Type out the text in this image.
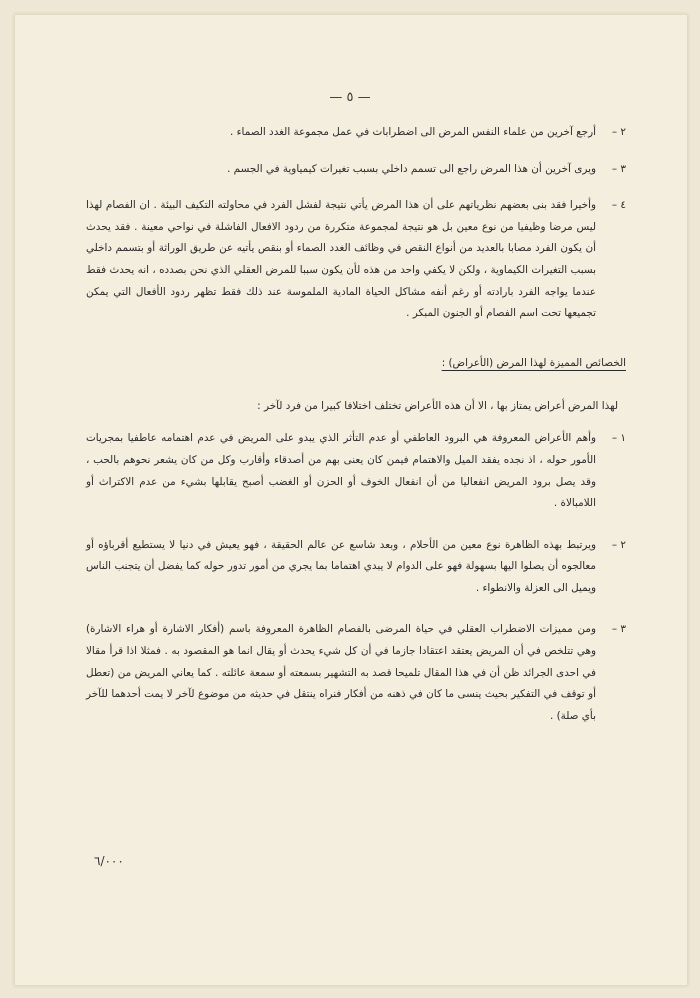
— ٥ —

٢ –
أرجع آخرين من علماء النفس المرض الى اضطرابات في عمل مجموعة الغدد الصماء .

٣ –
ويرى آخرين أن هذا المرض راجع الى تسمم داخلي بسبب تغيرات كيمياوية في الجسم .

٤ –
وأخيرا فقد بنى بعضهم نظرياتهم على أن هذا المرض يأتي نتيجة لفشل الفرد في محاولته التكيف البيئة . ان الفصام لهذا ليس مرضا وظيفيا من نوع معين بل هو نتيجة لمجموعة متكررة من ردود الافعال الفاشلة في نواحي معينة . فقد يحدث أن يكون الفرد مصابا بالعديد من أنواع النقص في وظائف الغدد الصماء أو بنقص يأتيه عن طريق الوراثة أو بتسمم داخلي بسبب التغيرات الكيماوية ، ولكن لا يكفي واحد من هذه لأن يكون سببا للمرض العقلي الذي نحن بصدده ، انه يحدث فقط عندما يواجه الفرد بارادته أو رغم أنفه مشاكل الحياة المادية الملموسة عند ذلك فقط تظهر ردود الأفعال التي يمكن تجميعها تحت اسم الفصام أو الجنون المبكر .

الخصائص المميزة لهذا المرض (الأعراض) :

لهذا المرض أعراض يمتاز بها ، الا أن هذه الأعراض تختلف اختلافا كبيرا من فرد لآخر :

١ –
وأهم الأعراض المعروفة هي البرود العاطفي أو عدم التأثر الذي يبدو على المريض في عدم اهتمامه عاطفيا بمجريات الأمور حوله ، اذ نجده يفقد الميل والاهتمام فيمن كان يعنى بهم من أصدقاء وأقارب وكل من كان يشعر نحوهم بالحب ، وقد يصل برود المريض انفعاليا من أن انفعال الخوف أو الحزن أو الغضب أصبح يقابلها بشيء من عدم الاكتراث أو اللامبالاة .

٢ –
ويرتبط بهذه الظاهرة نوع معين من الأحلام ، وبعد شاسع عن عالم الحقيقة ، فهو يعيش في دنيا لا يستطيع أقرباؤه أو معالجوه أن يصلوا اليها بسهولة فهو على الدوام لا يبدي اهتماما بما يجري من أمور تدور حوله كما يفضل أن يتجنب الناس ويميل الى العزلة والانطواء .

٣ –
ومن مميزات الاضطراب العقلي في حياة المرضى بالفصام الظاهرة المعروفة باسم (أفكار الاشارة أو هراء الاشارة) وهي تتلخص في أن المريض يعتقد اعتقادا جازما في أن كل شيء يحدث أو يقال انما هو المقصود به . فمثلا اذا قرأ مقالا في احدى الجرائد ظن أن في هذا المقال تلميحا قصد به التشهير بسمعته أو سمعة عائلته . كما يعاني المريض من (تعطل أو توقف في التفكير بحيث ينسى ما كان في ذهنه من أفكار فنراه ينتقل في حديثه من موضوع لآخر لا يمت أحدهما للآخر بأي صلة) .

٦/٠٠٠
